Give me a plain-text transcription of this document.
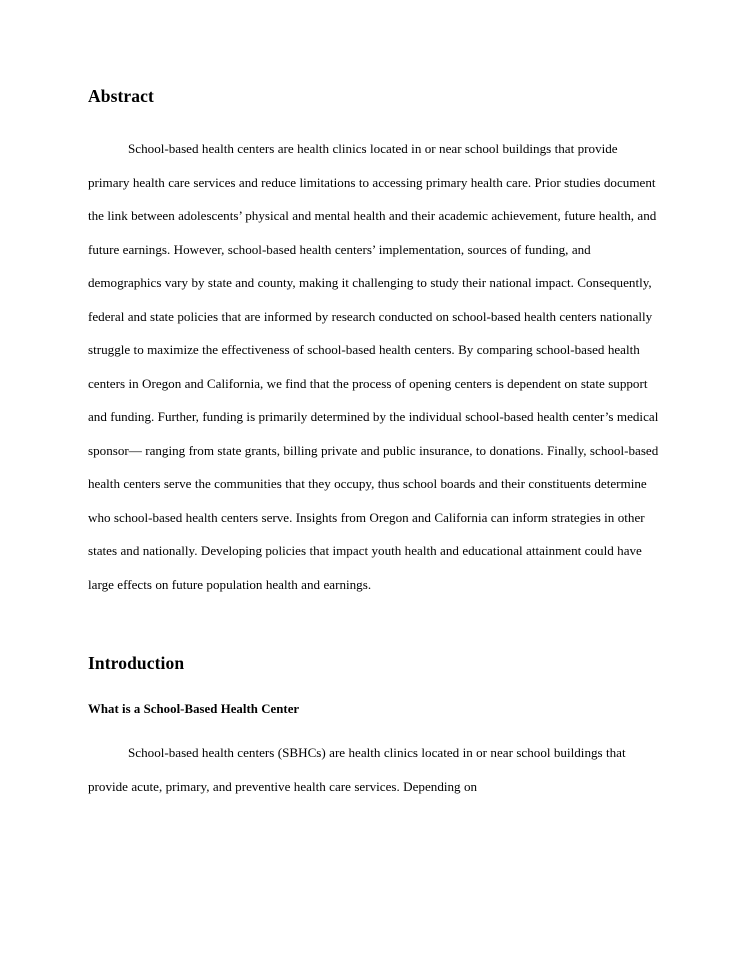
Abstract

School-based health centers are health clinics located in or near school buildings that provide primary health care services and reduce limitations to accessing primary health care. Prior studies document the link between adolescents’ physical and mental health and their academic achievement, future health, and future earnings. However, school-based health centers’ implementation, sources of funding, and demographics vary by state and county, making it challenging to study their national impact. Consequently, federal and state policies that are informed by research conducted on school-based health centers nationally struggle to maximize the effectiveness of school-based health centers. By comparing school-based health centers in Oregon and California, we find that the process of opening centers is dependent on state support and funding. Further, funding is primarily determined by the individual school-based health center’s medical sponsor— ranging from state grants, billing private and public insurance, to donations. Finally, school-based health centers serve the communities that they occupy, thus school boards and their constituents determine who school-based health centers serve. Insights from Oregon and California can inform strategies in other states and nationally. Developing policies that impact youth health and educational attainment could have large effects on future population health and earnings.

Introduction
What is a School-Based Health Center

School-based health centers (SBHCs) are health clinics located in or near school buildings that provide acute, primary, and preventive health care services. Depending on
